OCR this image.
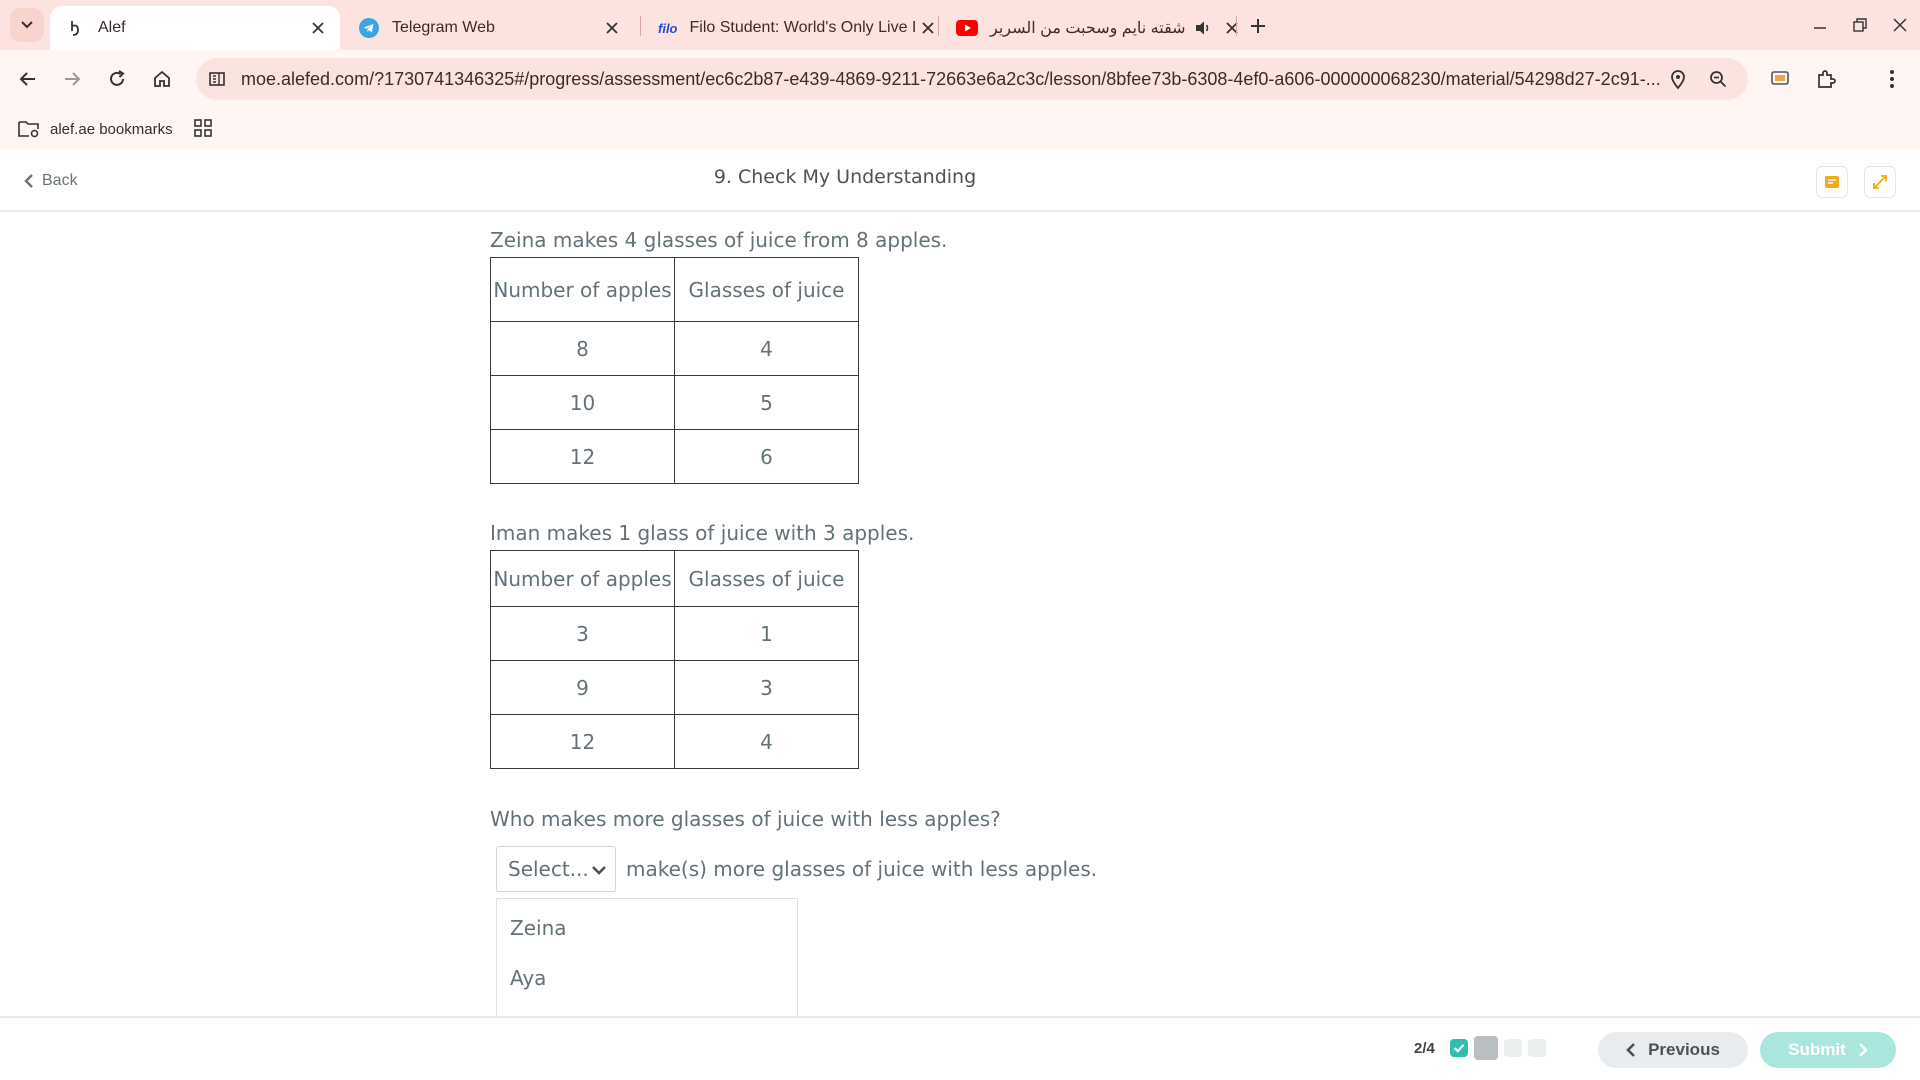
Alef	Telegram Web	filo Filo Student: World's Only Live I	شقته نايم وسحبت من السرير
moe.alefed.com/?1730741346325#/progress/assessment/ec6c2b87-e439-4869-9211-72663e6a2c3c/lesson/8bfee73b-6308-4ef0-a606-000000068230/material/54298d27-2c91-...
alef.ae bookmarks
Back	9. Check My Understanding
Zeina makes 4 glasses of juice from 8 apples.
Number of apples	Glasses of juice
8	4
10	5
12	6
Iman makes 1 glass of juice with 3 apples.
Number of apples	Glasses of juice
3	1
9	3
12	4
Who makes more glasses of juice with less apples?
Select... make(s) more glasses of juice with less apples.
Zeina
Aya
2/4	Previous	Submit
